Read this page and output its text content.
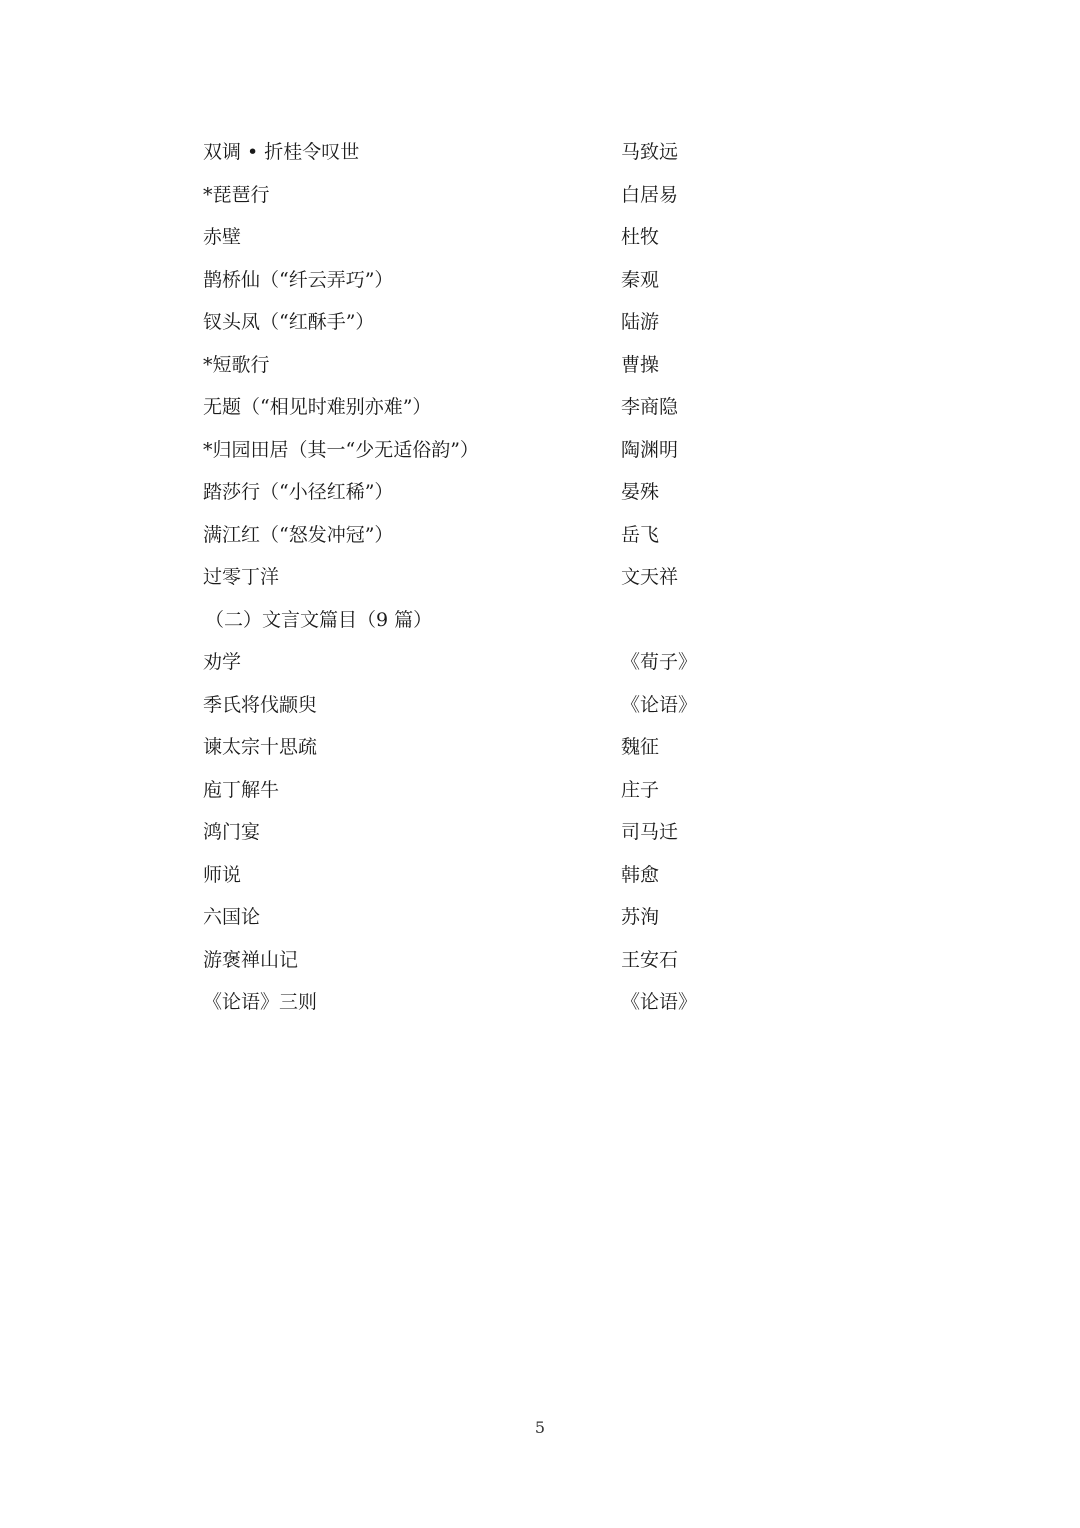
双调 • 折桂令叹世	马致远
*琵琶行	白居易
赤壁	杜牧
鹊桥仙（“纤云弄巧”）	秦观
钗头凤（“红酥手”）	陆游
*短歌行	曹操
无题（“相见时难别亦难”）	李商隐
*归园田居（其一“少无适俗韵”）	陶渊明
踏莎行（“小径红稀”）	晏殊
满江红（“怒发冲冠”）	岳飞
过零丁洋	文天祥
（二）文言文篇目（9 篇）
劝学	《荀子》
季氏将伐颛臾	《论语》
谏太宗十思疏	魏征
庖丁解牛	庄子
鸿门宴	司马迁
师说	韩愈
六国论	苏洵
游褒禅山记	王安石
《论语》三则	《论语》
5
